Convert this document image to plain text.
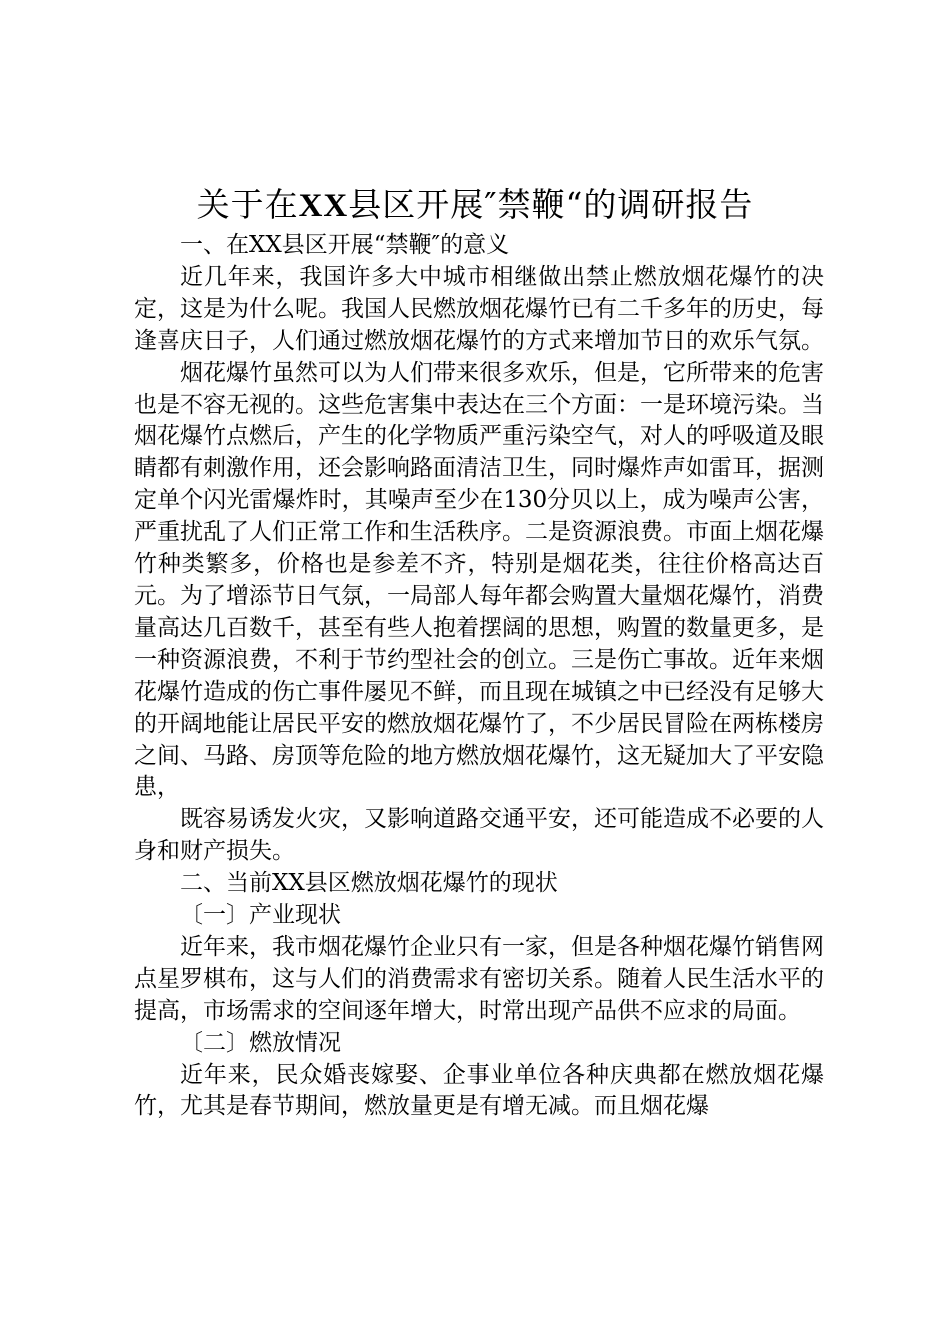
关于在XX县区开展″禁鞭“的调研报告

一、在XX县区开展“禁鞭″的意义

近几年来，我国许多大中城市相继做出禁止燃放烟花爆竹的决定，这是为什么呢。我国人民燃放烟花爆竹已有二千多年的历史，每逢喜庆日子，人们通过燃放烟花爆竹的方式来增加节日的欢乐气氛。

烟花爆竹虽然可以为人们带来很多欢乐，但是，它所带来的危害也是不容无视的。这些危害集中表达在三个方面：一是环境污染。当烟花爆竹点燃后，产生的化学物质严重污染空气，对人的呼吸道及眼睛都有刺激作用，还会影响路面清洁卫生，同时爆炸声如雷耳，据测定单个闪光雷爆炸时，其噪声至少在130分贝以上，成为噪声公害，严重扰乱了人们正常工作和生活秩序。二是资源浪费。市面上烟花爆竹种类繁多，价格也是参差不齐，特别是烟花类，往往价格高达百元。为了增添节日气氛，一局部人每年都会购置大量烟花爆竹，消费量高达几百数千，甚至有些人抱着摆阔的思想，购置的数量更多，是一种资源浪费，不利于节约型社会的创立。三是伤亡事故。近年来烟花爆竹造成的伤亡事件屡见不鲜，而且现在城镇之中已经没有足够大的开阔地能让居民平安的燃放烟花爆竹了，不少居民冒险在两栋楼房之间、马路、房顶等危险的地方燃放烟花爆竹，这无疑加大了平安隐患，

既容易诱发火灾，又影响道路交通平安，还可能造成不必要的人身和财产损失。

二、当前XX县区燃放烟花爆竹的现状

〔一〕产业现状

近年来，我市烟花爆竹企业只有一家，但是各种烟花爆竹销售网点星罗棋布，这与人们的消费需求有密切关系。随着人民生活水平的提高，市场需求的空间逐年增大，时常出现产品供不应求的局面。

〔二〕燃放情况

近年来，民众婚丧嫁娶、企事业单位各种庆典都在燃放烟花爆竹，尤其是春节期间，燃放量更是有增无减。而且烟花爆
